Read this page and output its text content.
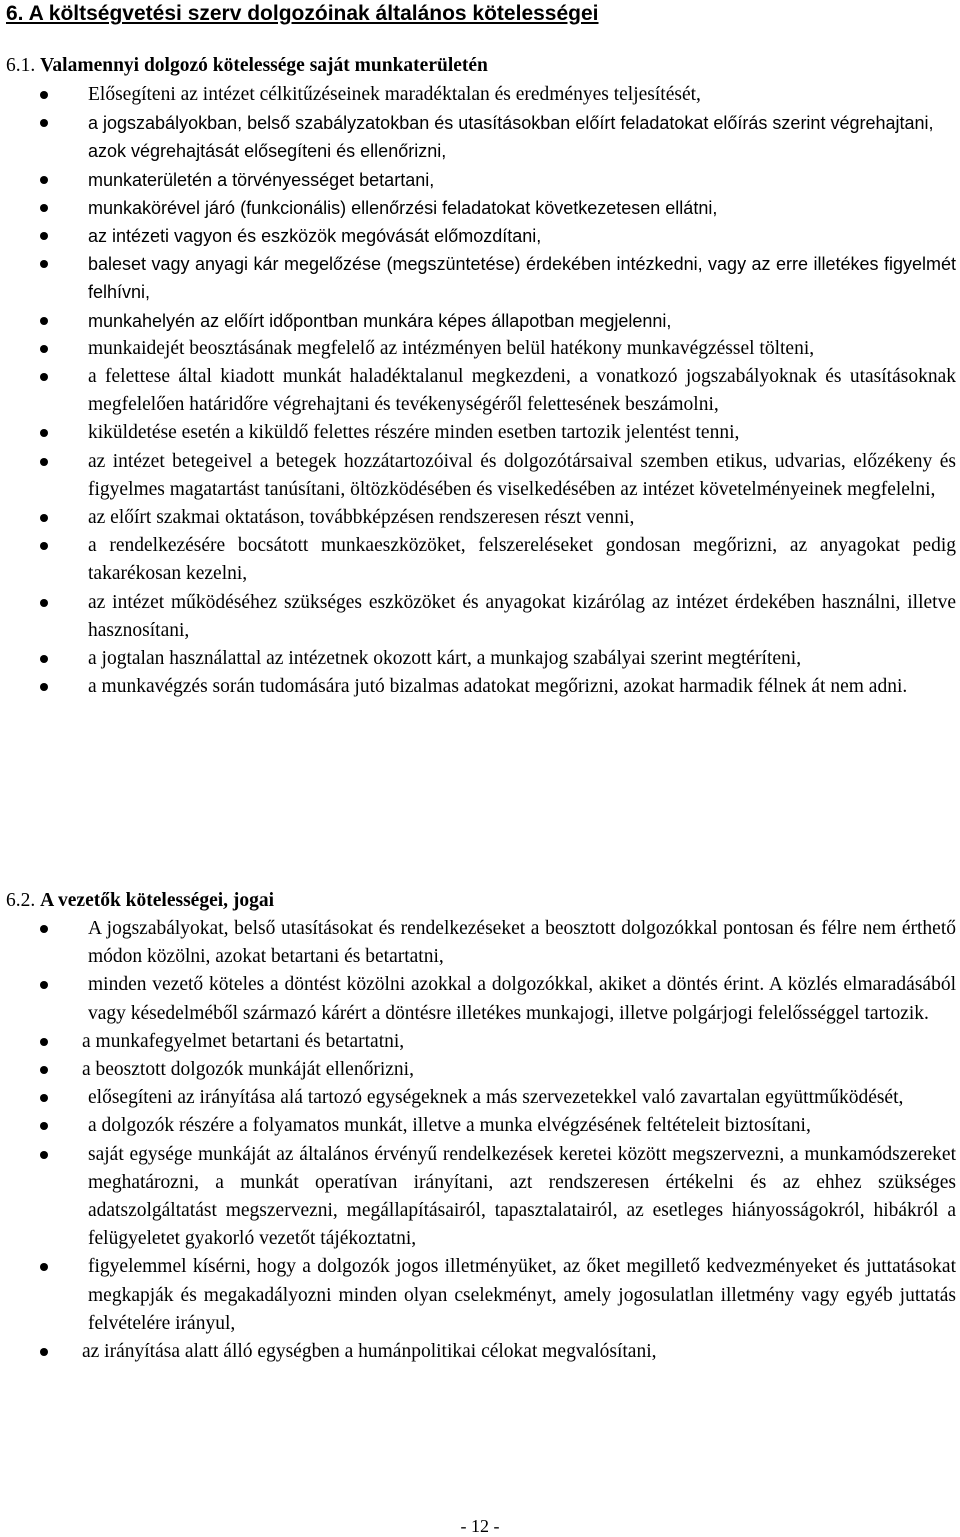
6. A költségvetési szerv dolgozóinak általános kötelességei
6.1. Valamennyi dolgozó kötelessége saját munkaterületén
Elősegíteni az intézet célkitűzéseinek maradéktalan és eredményes teljesítését,
a jogszabályokban, belső szabályzatokban és utasításokban előírt feladatokat előírás szerint végrehajtani, azok végrehajtását elősegíteni és ellenőrizni,
munkaterületén a törvényességet betartani,
munkakörével járó (funkcionális) ellenőrzési feladatokat következetesen ellátni,
az intézeti vagyon és eszközök megóvását előmozdítani,
baleset vagy anyagi kár megelőzése (megszüntetése) érdekében intézkedni, vagy az erre illetékes figyelmét felhívni,
munkahelyén az előírt időpontban munkára képes állapotban megjelenni,
munkaidejét beosztásának megfelelő az intézményen belül hatékony munkavégzéssel tölteni,
a felettese által kiadott munkát haladéktalanul megkezdeni, a vonatkozó jogszabályoknak és utasításoknak megfelelően határidőre végrehajtani és tevékenységéről felettesének beszámolni,
kiküldetése esetén a kiküldő felettes részére minden esetben tartozik jelentést tenni,
az intézet betegeivel a betegek hozzátartozóival és dolgozótársaival szemben etikus, udvarias, előzékeny és figyelmes magatartást tanúsítani, öltözködésében és viselkedésében az intézet követelményeinek megfelelni,
az előírt szakmai oktatáson, továbbképzésen rendszeresen részt venni,
a rendelkezésére bocsátott munkaeszközöket, felszereléseket gondosan megőrizni, az anyagokat pedig takarékosan kezelni,
az intézet működéséhez szükséges eszközöket és anyagokat kizárólag az intézet érdekében használni, illetve hasznosítani,
a jogtalan használattal az intézetnek okozott kárt, a munkajog szabályai szerint megtéríteni,
a munkavégzés során tudomására jutó bizalmas adatokat megőrizni, azokat harmadik félnek át nem adni.
6.2. A vezetők kötelességei, jogai
A jogszabályokat, belső utasításokat és rendelkezéseket a beosztott dolgozókkal pontosan és félre nem érthető módon közölni, azokat betartani és betartatni,
minden vezető köteles a döntést közölni azokkal a dolgozókkal, akiket a döntés érint. A közlés elmaradásából vagy késedelméből származó kárért a döntésre illetékes munkajogi, illetve polgárjogi felelősséggel tartozik.
a munkafegyelmet betartani és betartatni,
a beosztott dolgozók munkáját ellenőrizni,
elősegíteni az irányítása alá tartozó egységeknek a más szervezetekkel való zavartalan együttműködését,
a dolgozók részére a folyamatos munkát, illetve a munka elvégzésének feltételeit biztosítani,
saját egysége munkáját az általános érvényű rendelkezések keretei között megszervezni, a munkamódszereket meghatározni, a munkát operatívan irányítani, azt rendszeresen értékelni és az ehhez szükséges adatszolgáltatást megszervezni, megállapításairól, tapasztalatairól, az esetleges hiányosságokról, hibákról a felügyeletet gyakorló vezetőt tájékoztatni,
figyelemmel kísérni, hogy a dolgozók jogos illetményüket, az őket megillető kedvezményeket és juttatásokat megkapják és megakadályozni minden olyan cselekményt, amely jogosulatlan illetmény vagy egyéb juttatás felvételére irányul,
az irányítása alatt álló egységben a humánpolitikai célokat megvalósítani,
- 12 -
